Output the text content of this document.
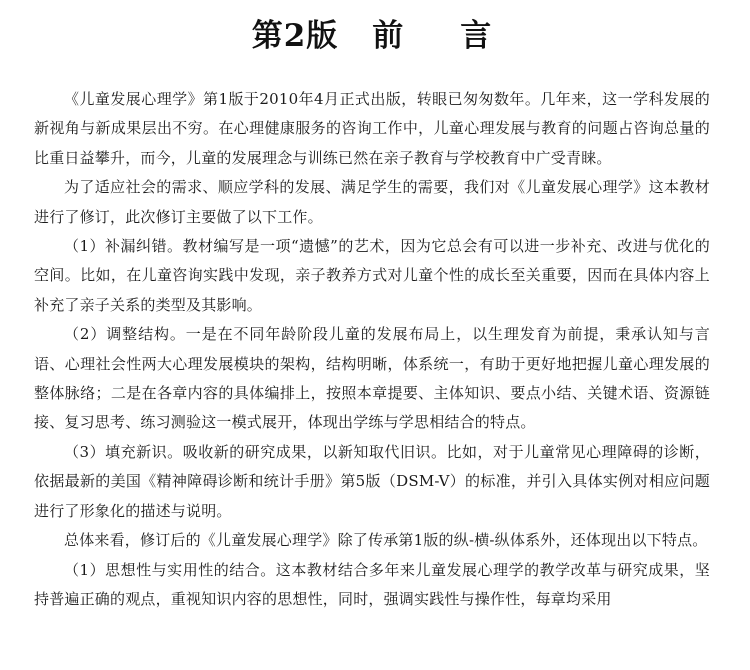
第2版 前 言

《儿童发展心理学》第1版于2010年4月正式出版，转眼已匆匆数年。几年来，这一学科发展的新视角与新成果层出不穷。在心理健康服务的咨询工作中，儿童心理发展与教育的问题占咨询总量的比重日益攀升，而今，儿童的发展理念与训练已然在亲子教育与学校教育中广受青睐。

为了适应社会的需求、顺应学科的发展、满足学生的需要，我们对《儿童发展心理学》这本教材进行了修订，此次修订主要做了以下工作。

（1）补漏纠错。教材编写是一项“遗憾”的艺术，因为它总会有可以进一步补充、改进与优化的空间。比如，在儿童咨询实践中发现，亲子教养方式对儿童个性的成长至关重要，因而在具体内容上补充了亲子关系的类型及其影响。

（2）调整结构。一是在不同年龄阶段儿童的发展布局上，以生理发育为前提，秉承认知与言语、心理社会性两大心理发展模块的架构，结构明晰，体系统一，有助于更好地把握儿童心理发展的整体脉络；二是在各章内容的具体编排上，按照本章提要、主体知识、要点小结、关键术语、资源链接、复习思考、练习测验这一模式展开，体现出学练与学思相结合的特点。

（3）填充新识。吸收新的研究成果，以新知取代旧识。比如，对于儿童常见心理障碍的诊断，依据最新的美国《精神障碍诊断和统计手册》第5版（DSM-V）的标准，并引入具体实例对相应问题进行了形象化的描述与说明。

总体来看，修订后的《儿童发展心理学》除了传承第1版的纵-横-纵体系外，还体现出以下特点。

（1）思想性与实用性的结合。这本教材结合多年来儿童发展心理学的教学改革与研究成果，坚持普遍正确的观点，重视知识内容的思想性，同时，强调实践性与操作性，每章均采用
